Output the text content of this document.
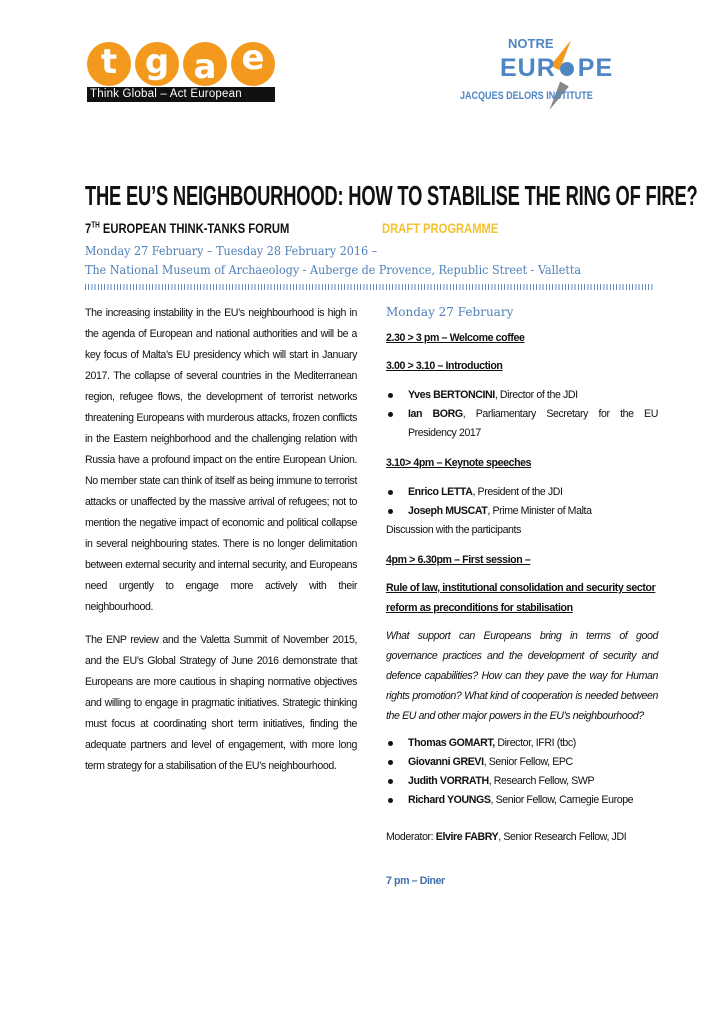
t g a e
Think Global – Act European
NOTRE
EUR PE
JACQUES DELORS INSTITUTE
THE EU’S NEIGHBOURHOOD: HOW TO STABILISE THE RING OF FIRE?
7TH EUROPEAN THINK-TANKS FORUM	DRAFT PROGRAMME
Monday 27 February – Tuesday 28 February 2016 –
The National Museum of Archaeology - Auberge de Provence, Republic Street - Valletta
The increasing instability in the EU’s neighbourhood is high in the agenda of European and national authorities and will be a key focus of Malta’s EU presidency which will start in January 2017. The collapse of several countries in the Mediterranean region, refugee flows, the development of terrorist networks threatening Europeans with murderous attacks, frozen conflicts in the Eastern neighborhood and the challenging relation with Russia have a profound impact on the entire European Union. No member state can think of itself as being immune to terrorist attacks or unaffected by the massive arrival of refugees; not to mention the negative impact of economic and political collapse in several neighbouring states. There is no longer delimitation between external security and internal security, and Europeans need urgently to engage more actively with their neighbourhood.
The ENP review and the Valetta Summit of November 2015, and the EU’s Global Strategy of June 2016 demonstrate that Europeans are more cautious in shaping normative objectives and willing to engage in pragmatic initiatives. Strategic thinking must focus at coordinating short term initiatives, finding the adequate partners and level of engagement, with more long term strategy for a stabilisation of the EU’s neighbourhood.
Monday 27 February
2.30 > 3 pm – Welcome coffee
3.00 > 3.10 – Introduction
Yves BERTONCINI, Director of the JDI
Ian BORG, Parliamentary Secretary for the EU Presidency 2017
3.10> 4pm – Keynote speeches
Enrico LETTA, President of the JDI
Joseph MUSCAT, Prime Minister of Malta
Discussion with the participants
4pm > 6.30pm – First session –
Rule of law, institutional consolidation and security sector reform as preconditions for stabilisation
What support can Europeans bring in terms of good governance practices and the development of security and defence capabilities? How can they pave the way for Human rights promotion? What kind of cooperation is needed between the EU and other major powers in the EU’s neighbourhood?
Thomas GOMART, Director, IFRI (tbc)
Giovanni GREVI, Senior Fellow, EPC
Judith VORRATH, Research Fellow, SWP
Richard YOUNGS, Senior Fellow, Carnegie Europe
Moderator: Elvire FABRY, Senior Research Fellow, JDI
7 pm – Diner
